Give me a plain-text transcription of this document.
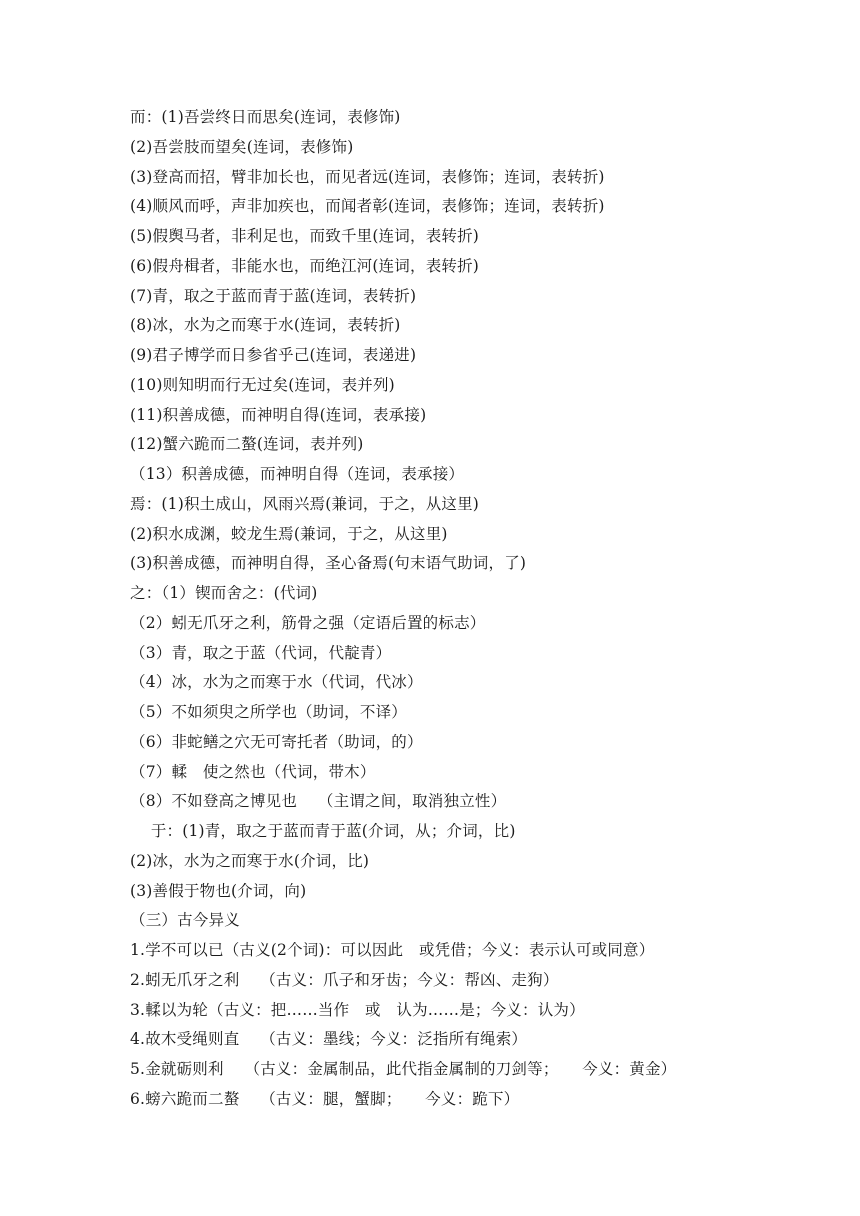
而：(1)吾尝终日而思矣(连词，表修饰)
(2)吾尝肢而望矣(连词，表修饰)
(3)登高而招，臂非加长也，而见者远(连词，表修饰；连词，表转折)
(4)顺风而呼，声非加疾也，而闻者彰(连词，表修饰；连词，表转折)
(5)假舆马者，非利足也，而致千里(连词，表转折)
(6)假舟楫者，非能水也，而绝江河(连词，表转折)
(7)青，取之于蓝而青于蓝(连词，表转折)
(8)冰，水为之而寒于水(连词，表转折)
(9)君子博学而日参省乎己(连词，表递进)
(10)则知明而行无过矣(连词，表并列)
(11)积善成德，而神明自得(连词，表承接)
(12)蟹六跪而二螯(连词，表并列)
（13）积善成德，而神明自得（连词，表承接）
焉：(1)积土成山，风雨兴焉(兼词，于之，从这里)
(2)积水成渊，蛟龙生焉(兼词，于之，从这里)
(3)积善成德，而神明自得，圣心备焉(句末语气助词，了)
之：（1）锲而舍之：(代词)
（2）蚓无爪牙之利，筋骨之强（定语后置的标志）
（3）青，取之于蓝（代词，代靛青）
（4）冰，水为之而寒于水（代词，代冰）
（5）不如须臾之所学也（助词，不译）
（6）非蛇鳝之穴无可寄托者（助词，的）
（7）輮　使之然也（代词，带木）
（8）不如登高之博见也　 （主谓之间，取消独立性）
　 于：(1)青，取之于蓝而青于蓝(介词，从；介词，比)
(2)冰，水为之而寒于水(介词，比)
(3)善假于物也(介词，向)
（三）古今异义
1.学不可以已（古义(2个词)：可以因此　或凭借；今义：表示认可或同意）
2.蚓无爪牙之利　 （古义：爪子和牙齿；今义：帮凶、走狗）
3.輮以为轮（古义：把……当作　或　认为……是；今义：认为）
4.故木受绳则直　 （古义：墨线；今义：泛指所有绳索）
5.金就砺则利　 （古义：金属制品，此代指金属制的刀剑等；　　今义：黄金）
6.螃六跪而二螯　 （古义：腿，蟹脚；　　今义：跪下）
